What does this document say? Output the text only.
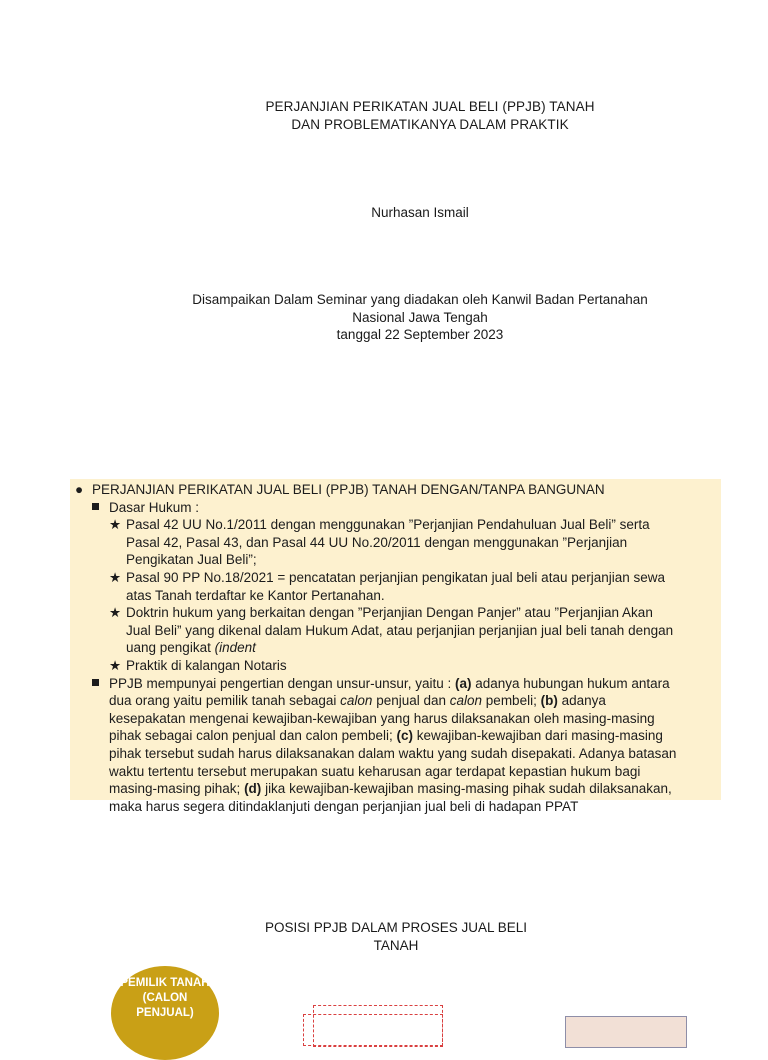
PERJANJIAN PERIKATAN JUAL BELI (PPJB) TANAH
DAN PROBLEMATIKANYA DALAM PRAKTIK
Nurhasan Ismail
Disampaikan Dalam Seminar yang diadakan oleh Kanwil Badan Pertanahan
Nasional Jawa Tengah
tanggal 22 September 2023
● PERJANJIAN PERIKATAN JUAL BELI (PPJB) TANAH DENGAN/TANPA BANGUNAN
Dasar Hukum :
★ Pasal 42 UU No.1/2011 dengan menggunakan ”Perjanjian Pendahuluan Jual Beli” serta
Pasal 42, Pasal 43, dan Pasal 44 UU No.20/2011 dengan menggunakan ”Perjanjian
Pengikatan Jual Beli”;
★ Pasal 90 PP No.18/2021 = pencatatan perjanjian pengikatan jual beli atau perjanjian sewa
atas Tanah terdaftar ke Kantor Pertanahan.
★ Doktrin hukum yang berkaitan dengan ”Perjanjian Dengan Panjer” atau ”Perjanjian Akan
Jual Beli” yang dikenal dalam Hukum Adat, atau perjanjian perjanjian jual beli tanah dengan
uang pengikat (indent
★ Praktik di kalangan Notaris
PPJB mempunyai pengertian dengan unsur-unsur, yaitu : (a) adanya hubungan hukum antara
dua orang yaitu pemilik tanah sebagai calon penjual dan calon pembeli; (b) adanya
kesepakatan mengenai kewajiban-kewajiban yang harus dilaksanakan oleh masing-masing
pihak sebagai calon penjual dan calon pembeli; (c) kewajiban-kewajiban dari masing-masing
pihak tersebut sudah harus dilaksanakan dalam waktu yang sudah disepakati. Adanya batasan
waktu tertentu tersebut merupakan suatu keharusan agar terdapat kepastian hukum bagi
masing-masing pihak; (d) jika kewajiban-kewajiban masing-masing pihak sudah dilaksanakan,
maka harus segera ditindaklanjuti dengan perjanjian jual beli di hadapan PPAT
POSISI PPJB DALAM PROSES JUAL BELI
TANAH
PEMILIK TANAH
(CALON
PENJUAL)
